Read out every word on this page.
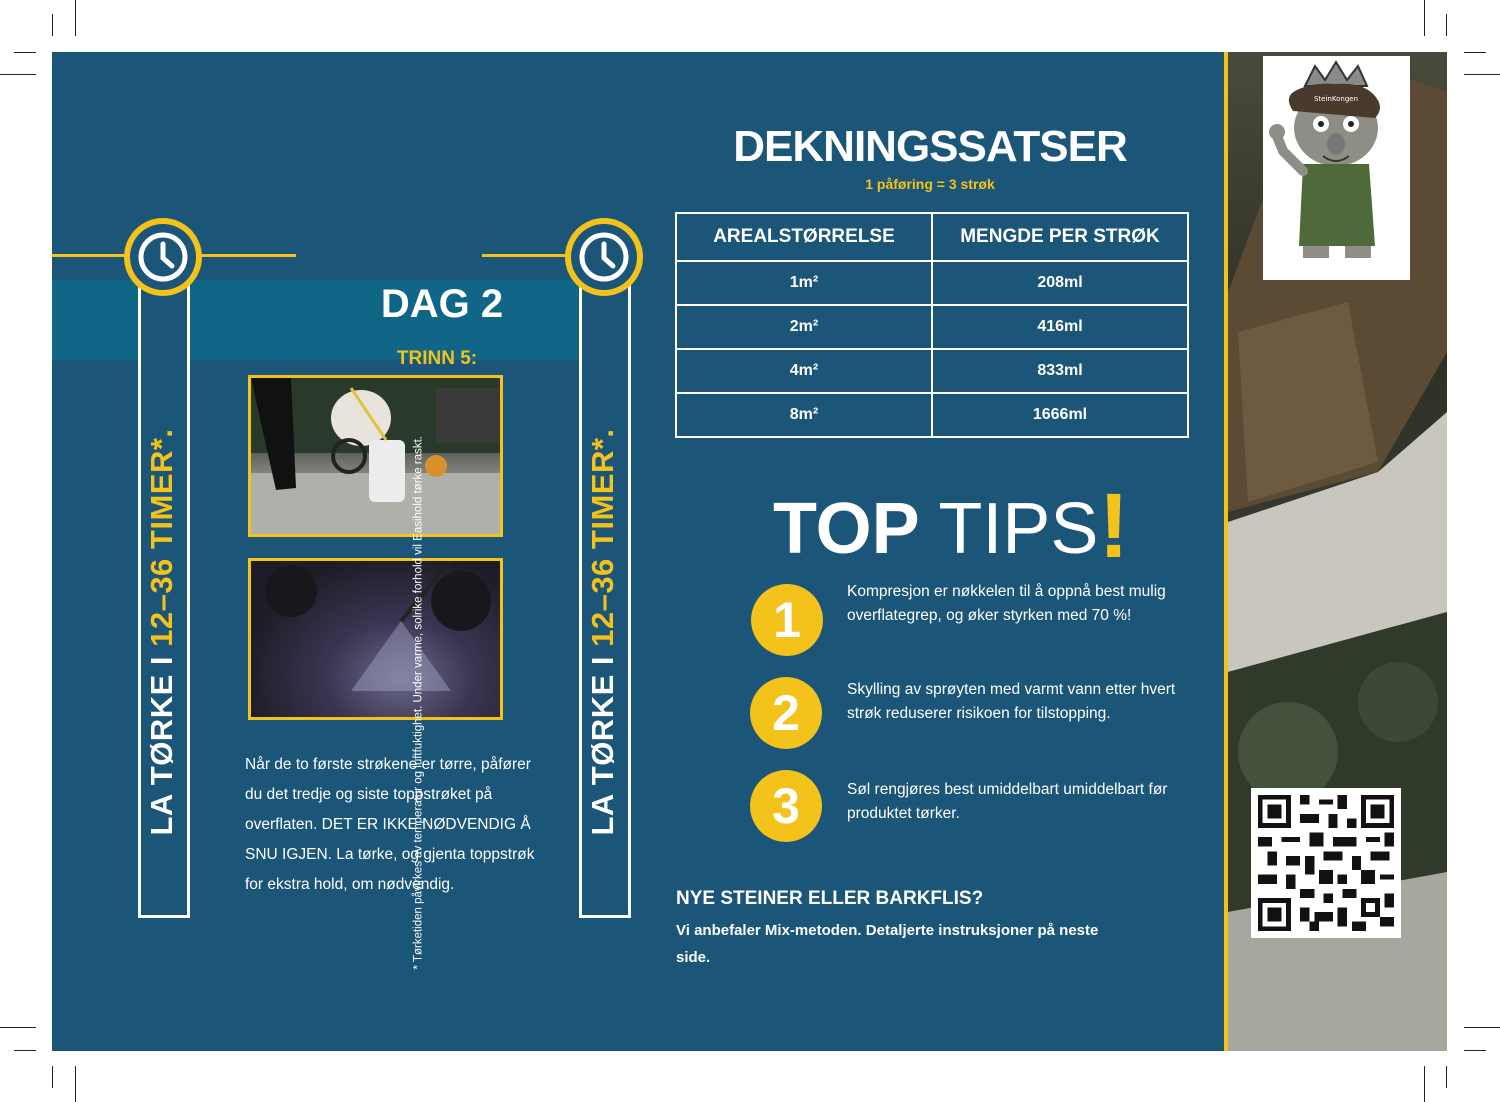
LA TØRKE I 12–36 TIMER*.
DAG 2
TRINN 5:
LA TØRKE I 12–36 TIMER*.
* Tørketiden påvirkes av temperatur og luftfuktighet. Under varme, solrike forhold vil Easihold tørke raskt.
Når de to første strøkene er tørre, påfører du det tredje og siste toppstrøket på overflaten. DET ER IKKE NØDVENDIG Å SNU IGJEN. La tørke, og gjenta toppstrøk for ekstra hold, om nødvendig.
DEKNINGSSATSER
1 påføring = 3 strøk
AREALSTØRRELSE	MENGDE PER STRØK
1m²	208ml
2m²	416ml
4m²	833ml
8m²	1666ml
TOP TIPS!
1
Kompresjon er nøkkelen til å oppnå best mulig overflategrep, og øker styrken med 70 %!
2	Skylling av sprøyten med varmt vann etter hvert strøk reduserer risikoen for tilstopping.
3	Søl rengjøres best umiddelbart umiddelbart før produktet tørker.
NYE STEINER ELLER BARKFLIS?
Vi anbefaler Mix-metoden. Detaljerte instruksjoner på neste side.
SteinKongen
